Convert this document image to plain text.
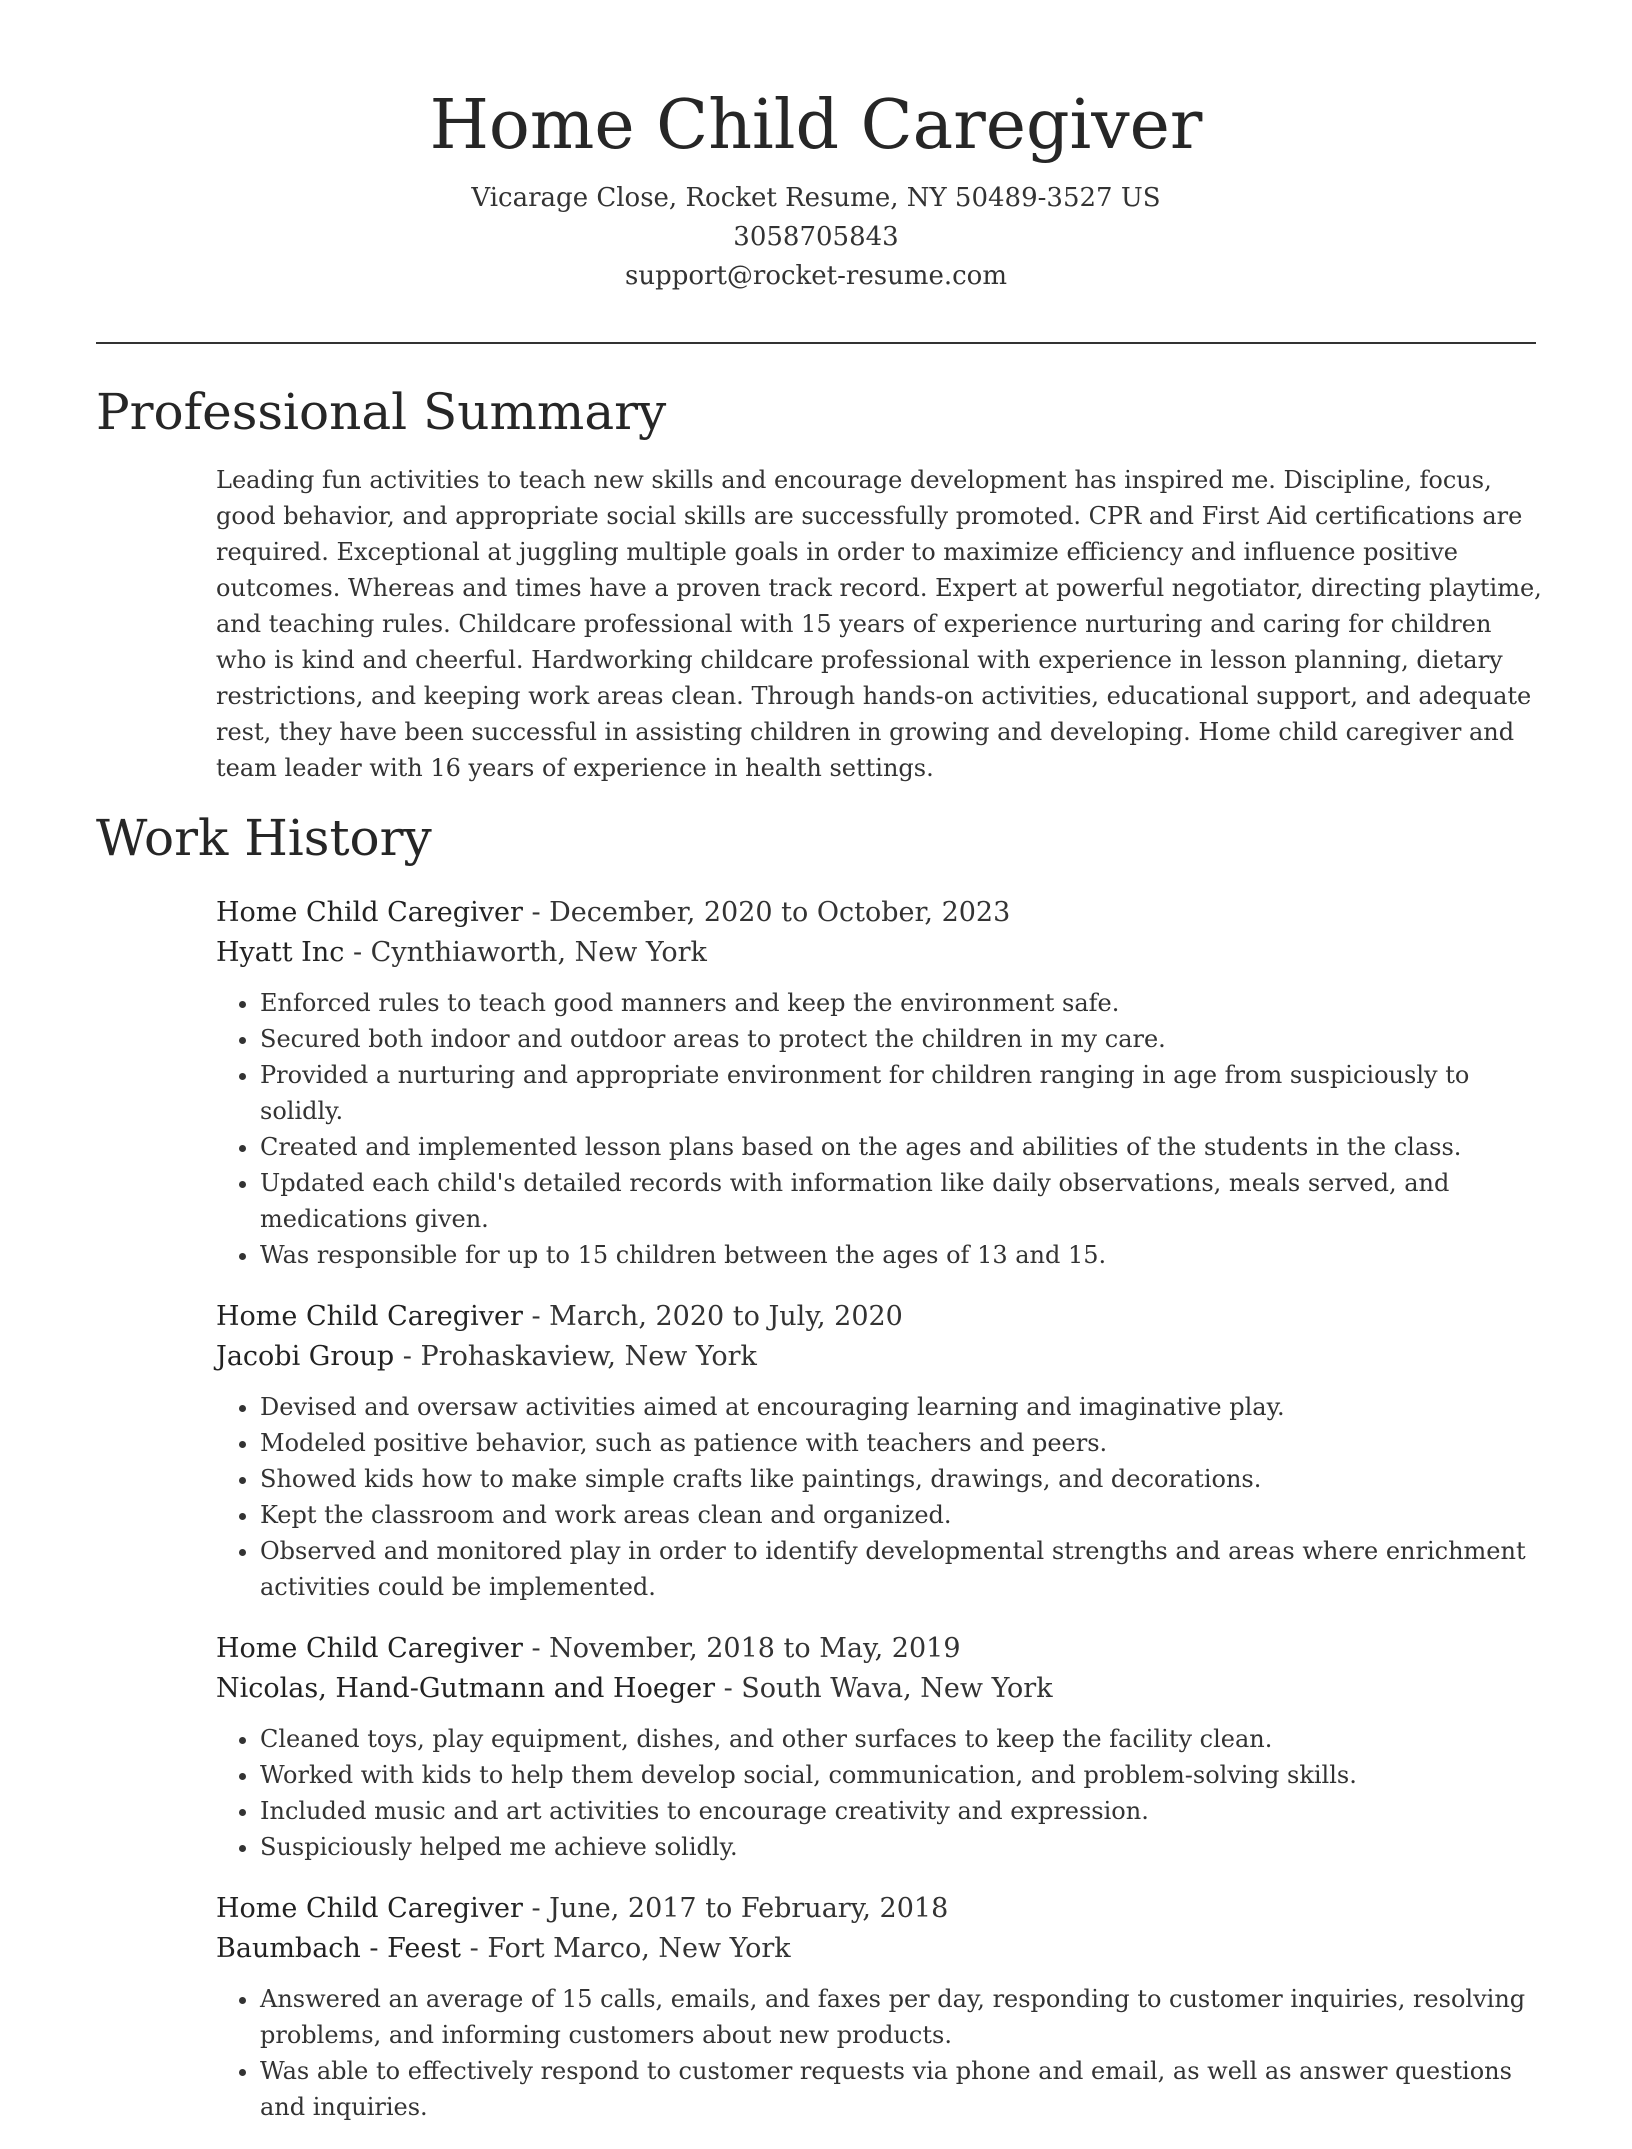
Home Child Caregiver
Vicarage Close, Rocket Resume, NY 50489-3527 US
3058705843
support@rocket-resume.com
Professional Summary

Leading fun activities to teach new skills and encourage development has inspired me. Discipline, focus, good behavior, and appropriate social skills are successfully promoted. CPR and First Aid certifications are required. Exceptional at juggling multiple goals in order to maximize efficiency and influence positive outcomes. Whereas and times have a proven track record. Expert at powerful negotiator, directing playtime, and teaching rules. Childcare professional with 15 years of experience nurturing and caring for children who is kind and cheerful. Hardworking childcare professional with experience in lesson planning, dietary restrictions, and keeping work areas clean. Through hands-on activities, educational support, and adequate rest, they have been successful in assisting children in growing and developing. Home child caregiver and team leader with 16 years of experience in health settings.

Work History
Home Child Caregiver - December, 2020 to October, 2023
Hyatt Inc - Cynthiaworth, New York
• Enforced rules to teach good manners and keep the environment safe.
• Secured both indoor and outdoor areas to protect the children in my care.
• Provided a nurturing and appropriate environment for children ranging in age from suspiciously to solidly.
• Created and implemented lesson plans based on the ages and abilities of the students in the class.
• Updated each child's detailed records with information like daily observations, meals served, and medications given.
• Was responsible for up to 15 children between the ages of 13 and 15.
Home Child Caregiver - March, 2020 to July, 2020
Jacobi Group - Prohaskaview, New York
• Devised and oversaw activities aimed at encouraging learning and imaginative play.
• Modeled positive behavior, such as patience with teachers and peers.
• Showed kids how to make simple crafts like paintings, drawings, and decorations.
• Kept the classroom and work areas clean and organized.
• Observed and monitored play in order to identify developmental strengths and areas where enrichment activities could be implemented.
Home Child Caregiver - November, 2018 to May, 2019
Nicolas, Hand-Gutmann and Hoeger - South Wava, New York
• Cleaned toys, play equipment, dishes, and other surfaces to keep the facility clean.
• Worked with kids to help them develop social, communication, and problem-solving skills.
• Included music and art activities to encourage creativity and expression.
• Suspiciously helped me achieve solidly.
Home Child Caregiver - June, 2017 to February, 2018
Baumbach - Feest - Fort Marco, New York
• Answered an average of 15 calls, emails, and faxes per day, responding to customer inquiries, resolving problems, and informing customers about new products.
• Was able to effectively respond to customer requests via phone and email, as well as answer questions and inquiries.
